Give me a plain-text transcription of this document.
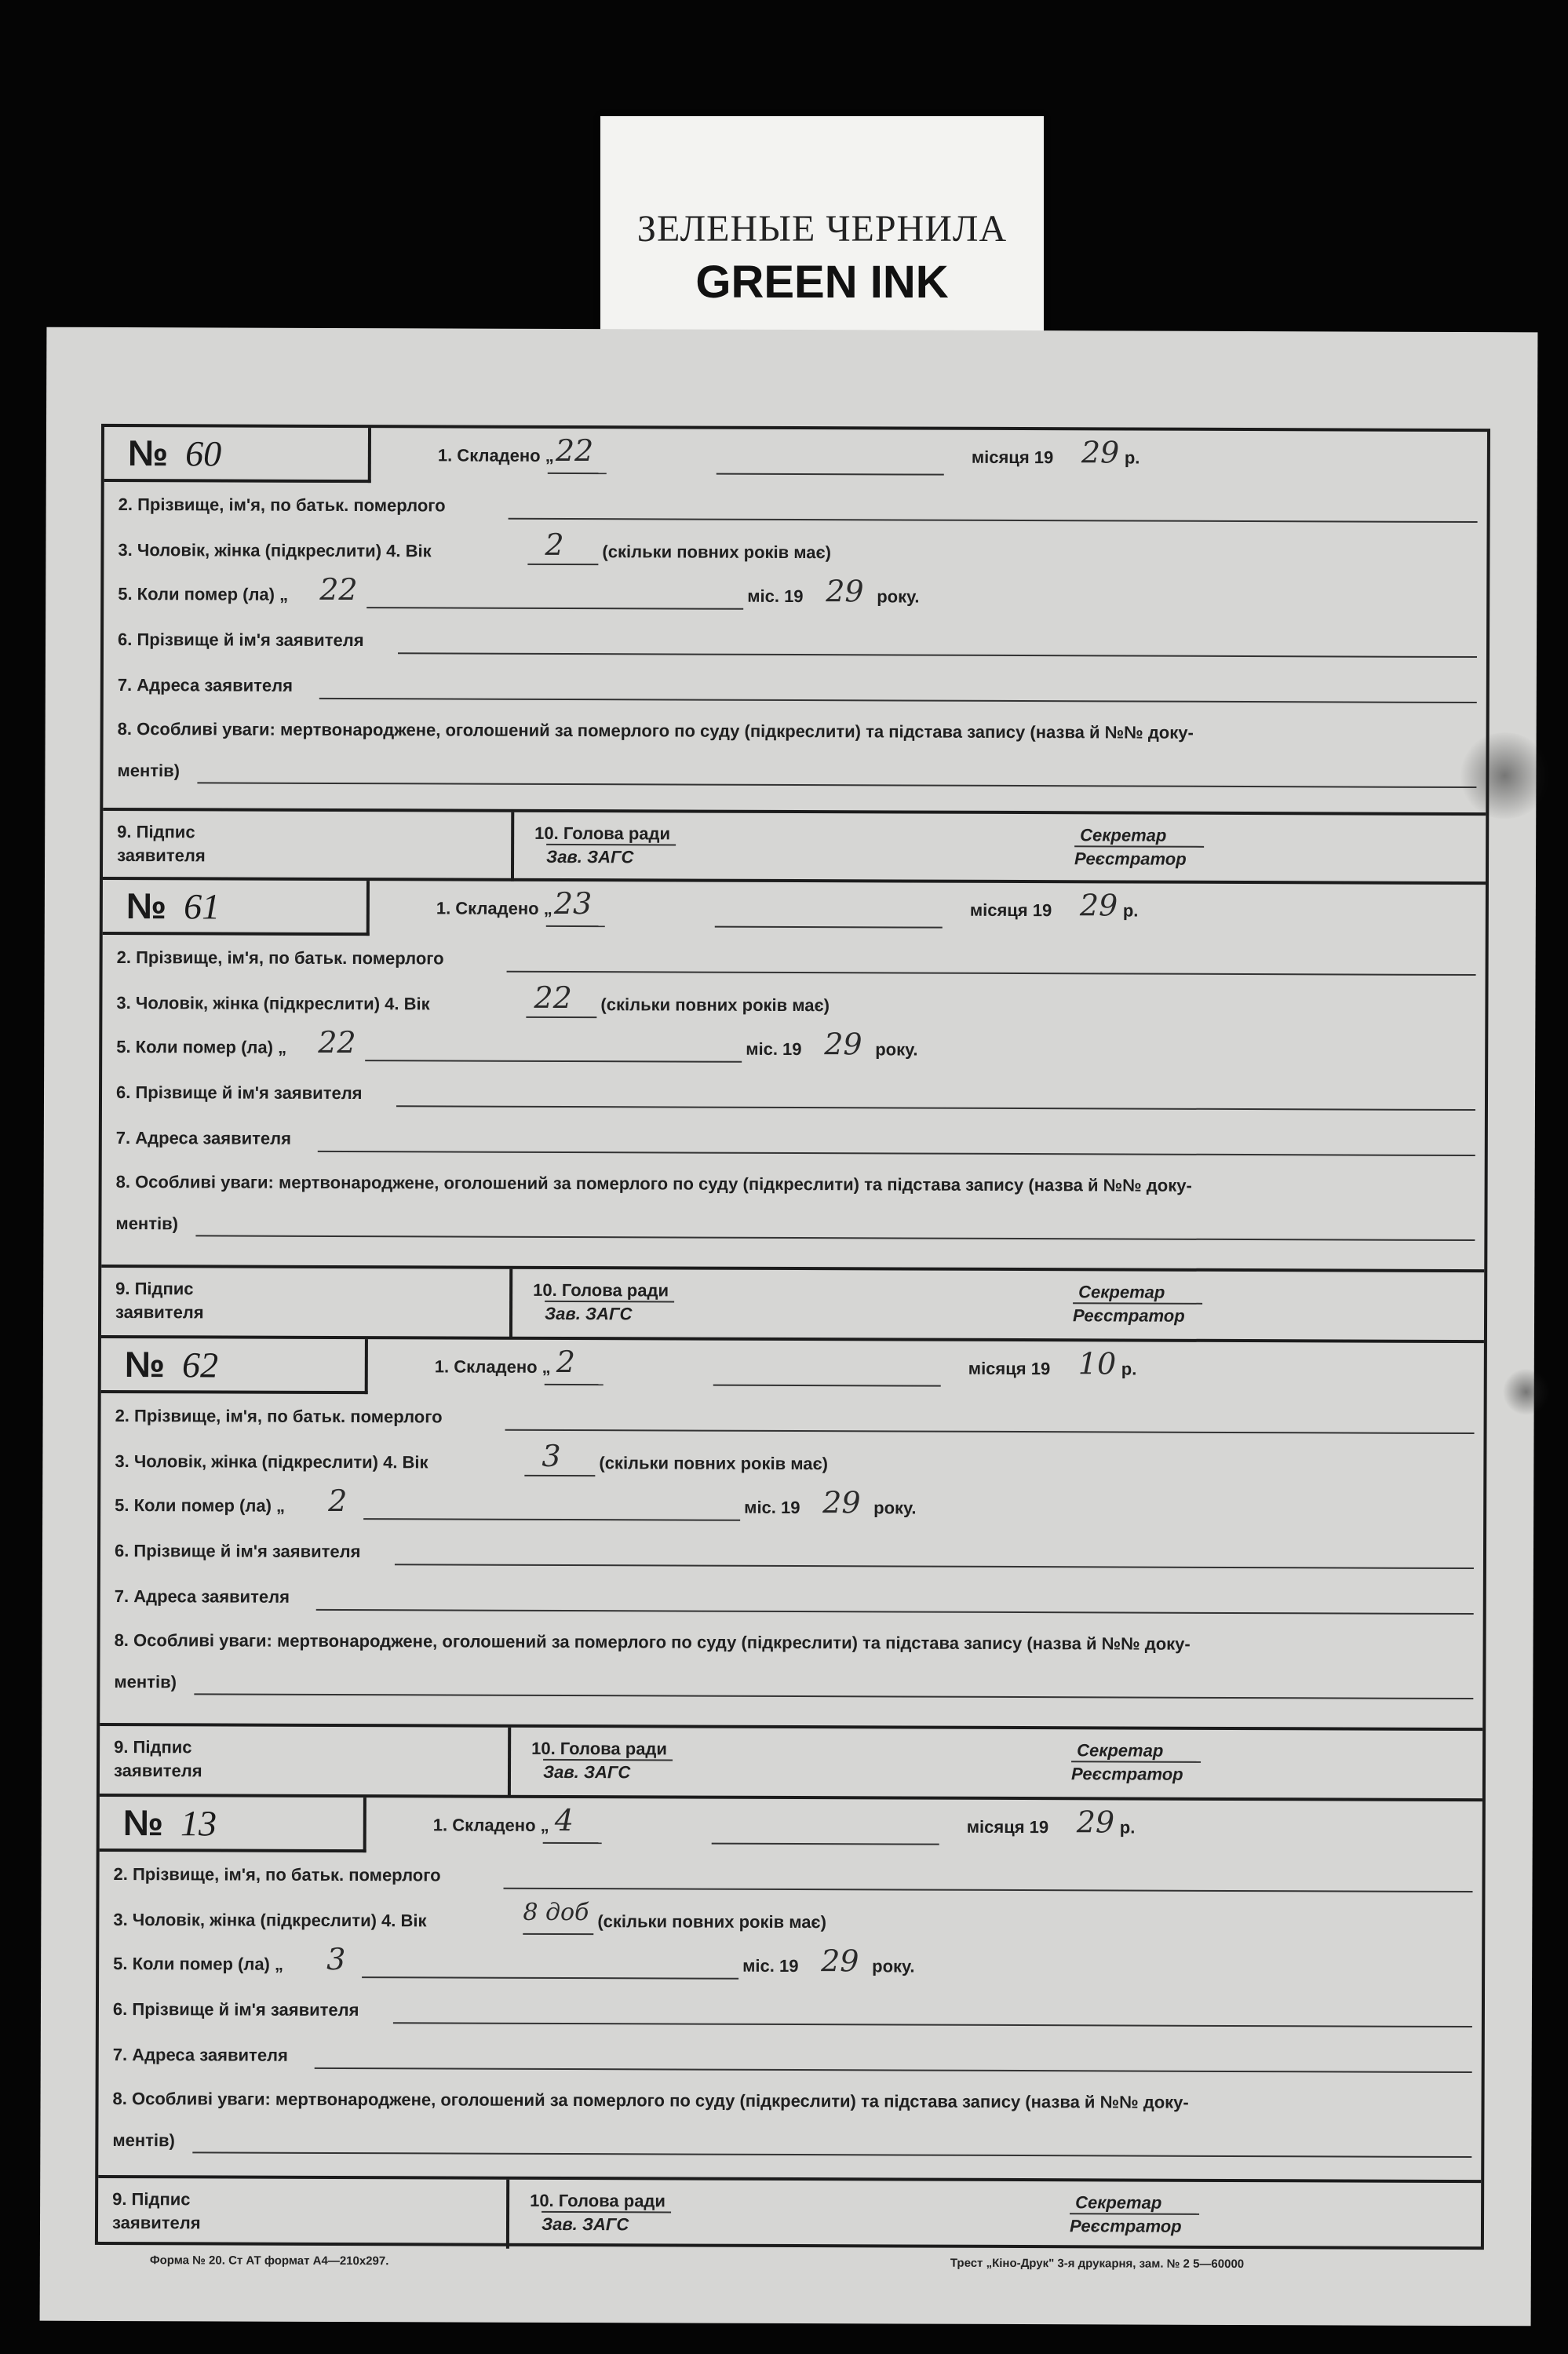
ЗЕЛЕНЫЕ ЧЕРНИЛА
GREEN INK
№ 60	1. Складено „ 22	місяця 19 29 р.
2. Прізвище, ім'я, по батьк. померлого
3. Чоловік, жінка (підкреслити) 4. Вік	2 (скільки повних років має)
5. Коли помер (ла) „ 22	міс. 19 29 року.
6. Прізвище й ім'я заявителя
7. Адреса заявителя
8. Особливі уваги: мертвонароджене, оголошений за померлого по суду (підкреслити) та підстава запису (назва й №№ доку-
ментів)
9. Підпис
заявителя
10. Голова ради
Зав. ЗАГС
Секретар
Реєстратор
№ 61	1. Складено „ 23	місяця 19 29 р.
2. Прізвище, ім'я, по батьк. померлого
3. Чоловік, жінка (підкреслити) 4. Вік	22 (скільки повних років має)
5. Коли помер (ла) „ 22	міс. 19 29 року.
6. Прізвище й ім'я заявителя
7. Адреса заявителя
8. Особливі уваги: мертвонароджене, оголошений за померлого по суду (підкреслити) та підстава запису (назва й №№ доку-
ментів)
9. Підпис
заявителя
10. Голова ради
Зав. ЗАГС
Секретар
Реєстратор
№ 62	1. Складено „ 2	місяця 19 10 р.
2. Прізвище, ім'я, по батьк. померлого
3. Чоловік, жінка (підкреслити) 4. Вік	3 (скільки повних років має)
5. Коли помер (ла) „ 2	міс. 19 29 року.
6. Прізвище й ім'я заявителя
7. Адреса заявителя
8. Особливі уваги: мертвонароджене, оголошений за померлого по суду (підкреслити) та підстава запису (назва й №№ доку-
ментів)
9. Підпис
заявителя
10. Голова ради
Зав. ЗАГС
Секретар
Реєстратор
№ 13	1. Складено „ 4	місяця 19 29 р.
2. Прізвище, ім'я, по батьк. померлого
3. Чоловік, жінка (підкреслити) 4. Вік	8 доб (скільки повних років має)
5. Коли помер (ла) „ 3	міс. 19 29 року.
6. Прізвище й ім'я заявителя
7. Адреса заявителя
8. Особливі уваги: мертвонароджене, оголошений за померлого по суду (підкреслити) та підстава запису (назва й №№ доку-
ментів)
9. Підпис
заявителя
10. Голова ради
Зав. ЗАГС
Секретар
Реєстратор
Форма № 20. Ст АТ формат А4—210х297.	Трест „Кіно-Друк" 3-я друкарня, зам. № 2 5—60000
